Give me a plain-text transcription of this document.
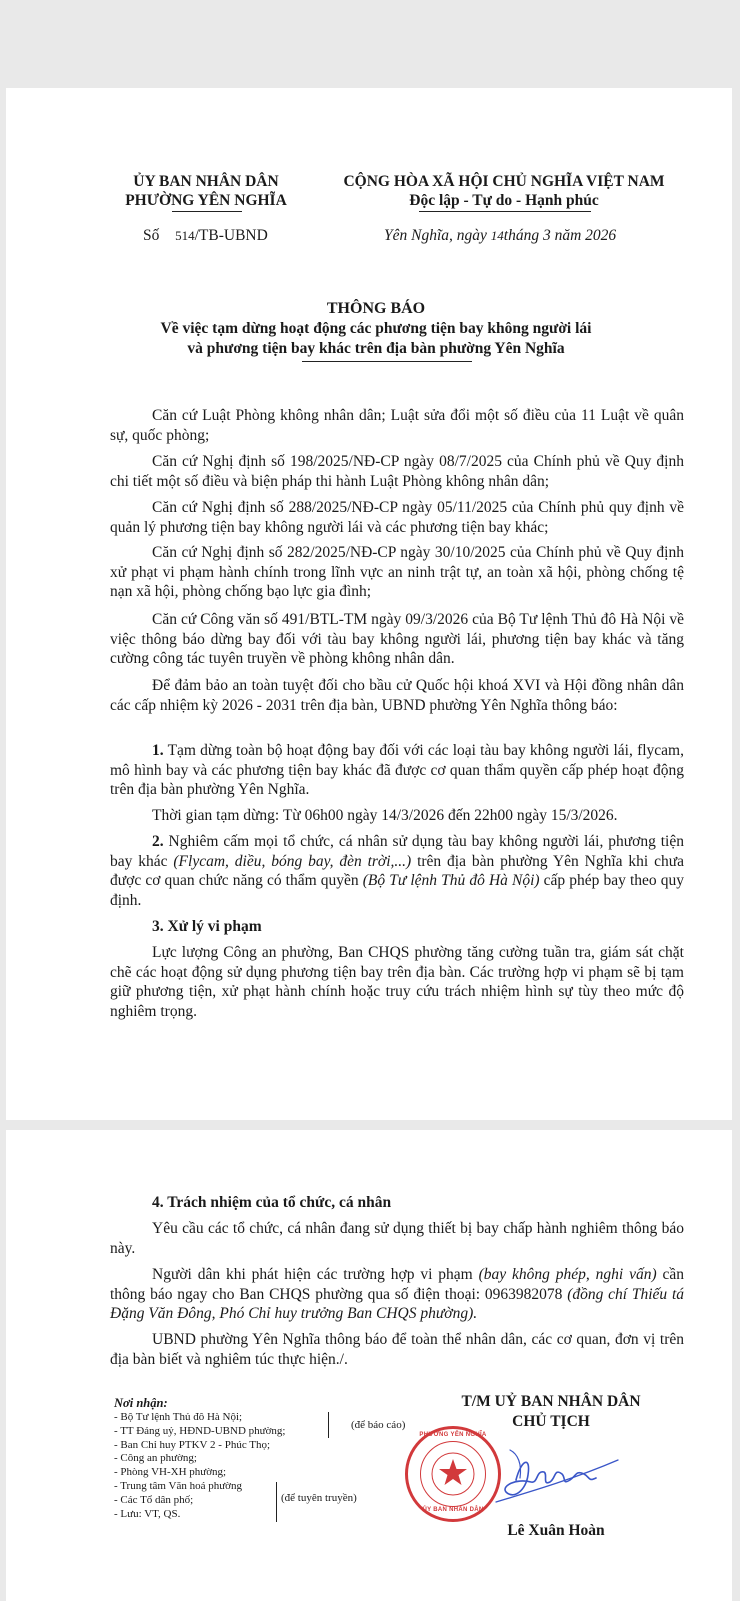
ỦY BAN NHÂN DÂN
PHƯỜNG YÊN NGHĨA
CỘNG HÒA XÃ HỘI CHỦ NGHĨA VIỆT NAM
Độc lập - Tự do - Hạnh phúc
Số 514/TB-UBND	Yên Nghĩa, ngày 14tháng 3 năm 2026
THÔNG BÁO
Về việc tạm dừng hoạt động các phương tiện bay không người lái
và phương tiện bay khác trên địa bàn phường Yên Nghĩa
Căn cứ Luật Phòng không nhân dân; Luật sửa đổi một số điều của 11 Luật về quân sự, quốc phòng;
Căn cứ Nghị định số 198/2025/NĐ-CP ngày 08/7/2025 của Chính phủ về Quy định chi tiết một số điều và biện pháp thi hành Luật Phòng không nhân dân;
Căn cứ Nghị định số 288/2025/NĐ-CP ngày 05/11/2025 của Chính phủ quy định về quản lý phương tiện bay không người lái và các phương tiện bay khác;
Căn cứ Nghị định số 282/2025/NĐ-CP ngày 30/10/2025 của Chính phủ về Quy định xử phạt vi phạm hành chính trong lĩnh vực an ninh trật tự, an toàn xã hội, phòng chống tệ nạn xã hội, phòng chống bạo lực gia đình;
Căn cứ Công văn số 491/BTL-TM ngày 09/3/2026 của Bộ Tư lệnh Thủ đô Hà Nội về việc thông báo dừng bay đối với tàu bay không người lái, phương tiện bay khác và tăng cường công tác tuyên truyền về phòng không nhân dân.
Để đảm bảo an toàn tuyệt đối cho bầu cử Quốc hội khoá XVI và Hội đồng nhân dân các cấp nhiệm kỳ 2026 - 2031 trên địa bàn, UBND phường Yên Nghĩa thông báo:
1. Tạm dừng toàn bộ hoạt động bay đối với các loại tàu bay không người lái, flycam, mô hình bay và các phương tiện bay khác đã được cơ quan thẩm quyền cấp phép hoạt động trên địa bàn phường Yên Nghĩa.
Thời gian tạm dừng: Từ 06h00 ngày 14/3/2026 đến 22h00 ngày 15/3/2026.
2. Nghiêm cấm mọi tổ chức, cá nhân sử dụng tàu bay không người lái, phương tiện bay khác (Flycam, diều, bóng bay, đèn trời,...) trên địa bàn phường Yên Nghĩa khi chưa được cơ quan chức năng có thẩm quyền (Bộ Tư lệnh Thủ đô Hà Nội) cấp phép bay theo quy định.
3. Xử lý vi phạm
Lực lượng Công an phường, Ban CHQS phường tăng cường tuần tra, giám sát chặt chẽ các hoạt động sử dụng phương tiện bay trên địa bàn. Các trường hợp vi phạm sẽ bị tạm giữ phương tiện, xử phạt hành chính hoặc truy cứu trách nhiệm hình sự tùy theo mức độ nghiêm trọng.
4. Trách nhiệm của tổ chức, cá nhân
Yêu cầu các tổ chức, cá nhân đang sử dụng thiết bị bay chấp hành nghiêm thông báo này.
Người dân khi phát hiện các trường hợp vi phạm (bay không phép, nghi vấn) cần thông báo ngay cho Ban CHQS phường qua số điện thoại: 0963982078 (đồng chí Thiếu tá Đặng Văn Đông, Phó Chỉ huy trưởng Ban CHQS phường).
UBND phường Yên Nghĩa thông báo để toàn thể nhân dân, các cơ quan, đơn vị trên địa bàn biết và nghiêm túc thực hiện./.
Nơi nhận:
- Bộ Tư lệnh Thủ đô Hà Nội;
- TT Đảng uỷ, HĐND-UBND phường;
- Ban Chỉ huy PTKV 2 - Phúc Thọ;
- Công an phường;
- Phòng VH-XH phường;
- Trung tâm Văn hoá phường
- Các Tổ dân phố;
- Lưu: VT, QS.
(để báo cáo)
(để tuyên truyền)
T/M UỶ BAN NHÂN DÂN
CHỦ TỊCH
PHƯỜNG YÊN NGHĨA
ỦY BAN NHÂN DÂN
Lê Xuân Hoàn
